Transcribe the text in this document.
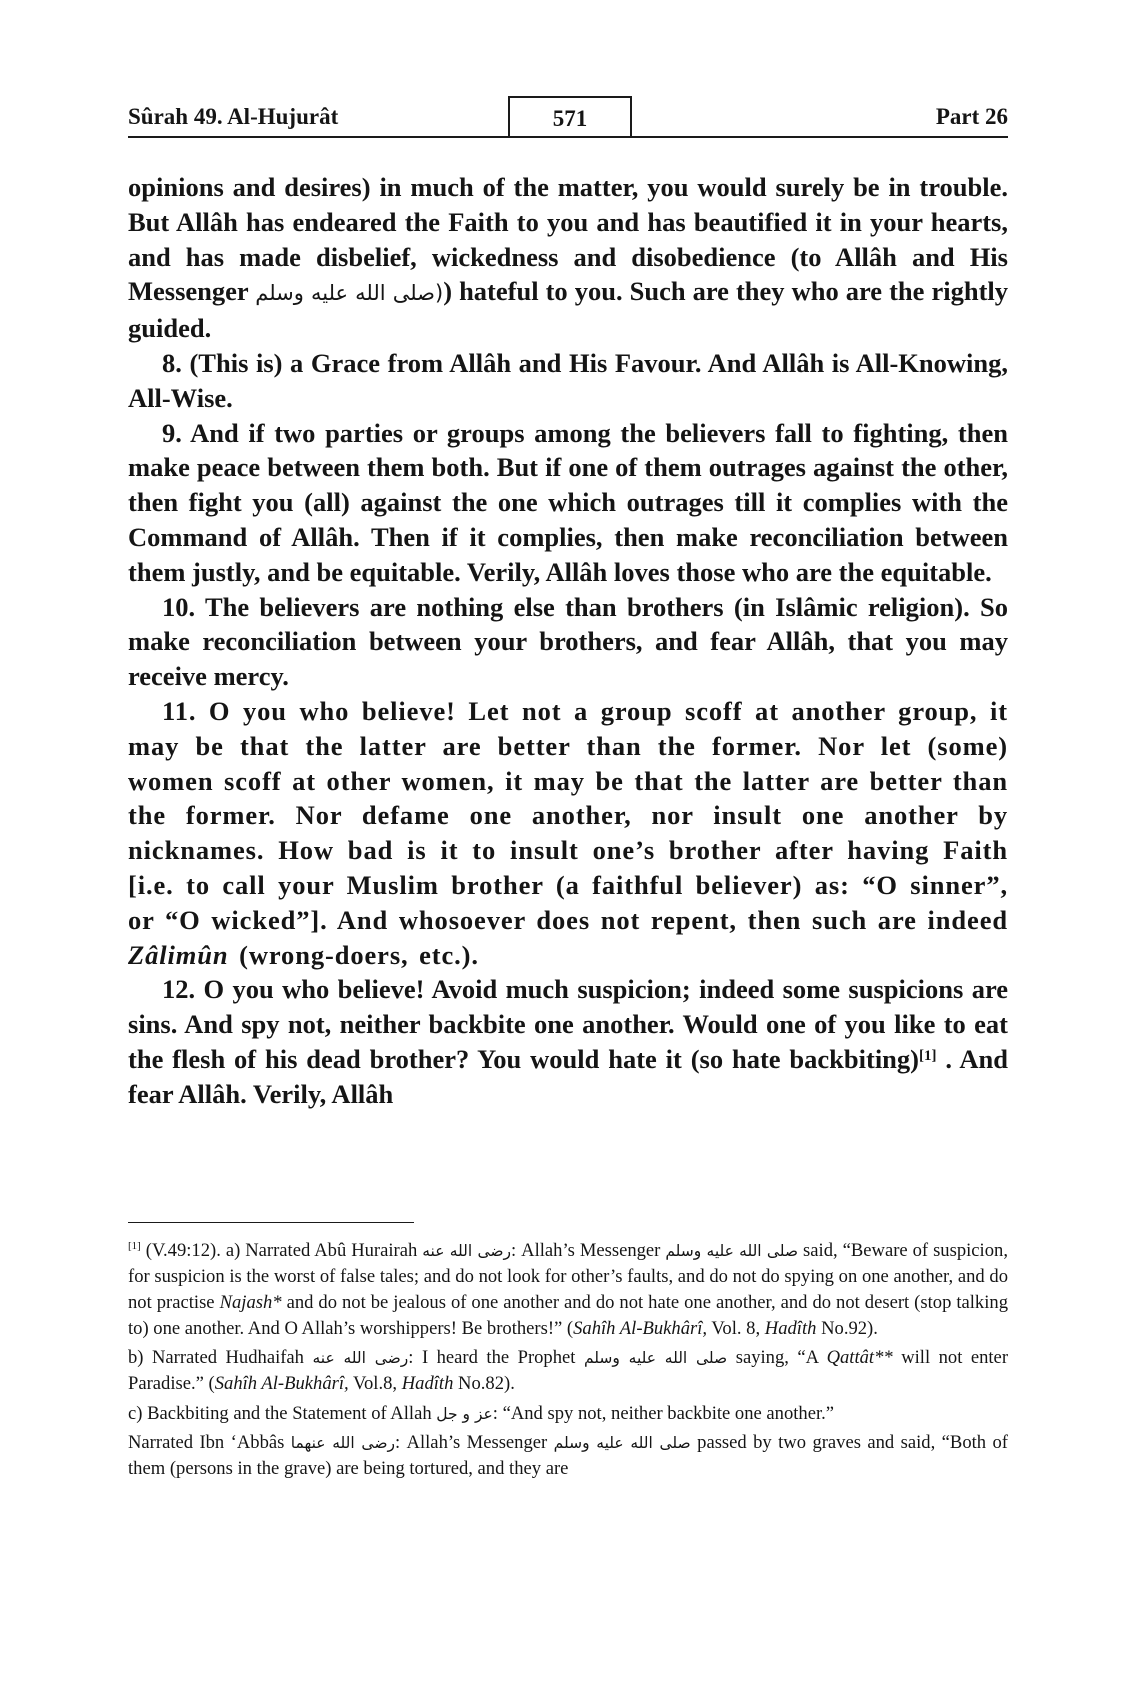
Sûrah 49. Al-Hujurât	571	Part 26

opinions and desires) in much of the matter, you would surely be in trouble. But Allâh has endeared the Faith to you and has beautified it in your hearts, and has made disbelief, wickedness and disobedience (to Allâh and His Messenger (صلى الله عليه وسلم) hateful to you. Such are they who are the rightly guided.

8. (This is) a Grace from Allâh and His Favour. And Allâh is All-Knowing, All-Wise.

9. And if two parties or groups among the believers fall to fighting, then make peace between them both. But if one of them outrages against the other, then fight you (all) against the one which outrages till it complies with the Command of Allâh. Then if it complies, then make reconciliation between them justly, and be equitable. Verily, Allâh loves those who are the equitable.

10. The believers are nothing else than brothers (in Islâmic religion). So make reconciliation between your brothers, and fear Allâh, that you may receive mercy.

11. O you who believe! Let not a group scoff at another group, it may be that the latter are better than the former. Nor let (some) women scoff at other women, it may be that the latter are better than the former. Nor defame one another, nor insult one another by nicknames. How bad is it to insult one’s brother after having Faith [i.e. to call your Muslim brother (a faithful believer) as: “O sinner”, or “O wicked”]. And whosoever does not repent, then such are indeed Zâlimûn (wrong-doers, etc.).

12. O you who believe! Avoid much suspicion; indeed some suspicions are sins. And spy not, neither backbite one another. Would one of you like to eat the flesh of his dead brother? You would hate it (so hate backbiting)[1] . And fear Allâh. Verily, Allâh

[1] (V.49:12). a) Narrated Abû Hurairah رضى الله عنه: Allah’s Messenger صلى الله عليه وسلم said, “Beware of suspicion, for suspicion is the worst of false tales; and do not look for other’s faults, and do not do spying on one another, and do not practise Najash* and do not be jealous of one another and do not hate one another, and do not desert (stop talking to) one another. And O Allah’s worshippers! Be brothers!” (Sahîh Al-Bukhârî, Vol. 8, Hadîth No.92).

b) Narrated Hudhaifah رضى الله عنه: I heard the Prophet صلى الله عليه وسلم saying, “A Qattât** will not enter Paradise.” (Sahîh Al-Bukhârî, Vol.8, Hadîth No.82).

c) Backbiting and the Statement of Allah عز و جل: “And spy not, neither backbite one another.”

Narrated Ibn ‘Abbâs رضى الله عنهما: Allah’s Messenger صلى الله عليه وسلم passed by two graves and said, “Both of them (persons in the grave) are being tortured, and they are
